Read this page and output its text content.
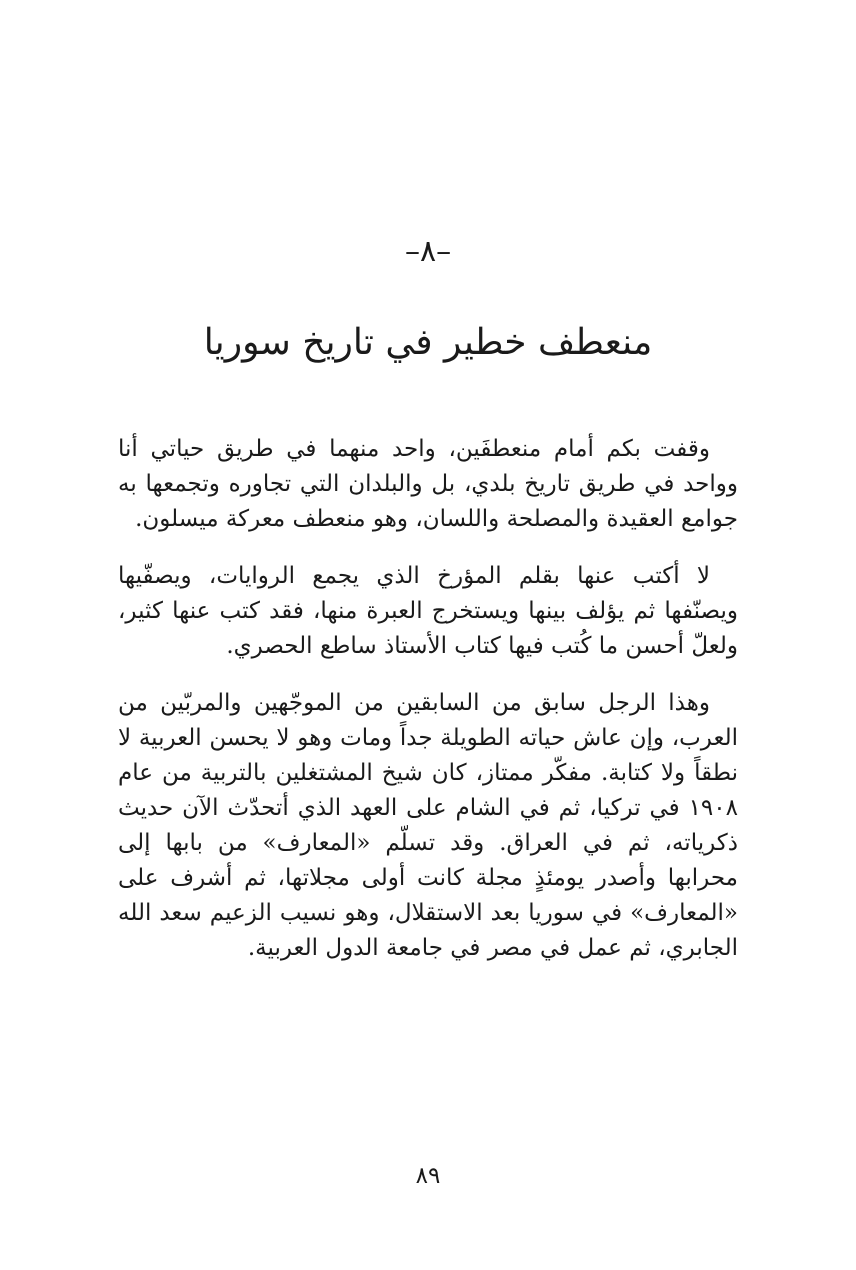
–٨–
منعطف خطير في تاريخ سوريا

وقفت بكم أمام منعطفَين، واحد منهما في طريق حياتي أنا وواحد في طريق تاريخ بلدي، بل والبلدان التي تجاوره وتجمعها به جوامع العقيدة والمصلحة واللسان، وهو منعطف معركة ميسلون.

لا أكتب عنها بقلم المؤرخ الذي يجمع الروايات، ويصفّيها ويصنّفها ثم يؤلف بينها ويستخرج العبرة منها، فقد كتب عنها كثير، ولعلّ أحسن ما كُتب فيها كتاب الأستاذ ساطع الحصري.

وهذا الرجل سابق من السابقين من الموجّهين والمربّين من العرب، وإن عاش حياته الطويلة جداً ومات وهو لا يحسن العربية لا نطقاً ولا كتابة. مفكّر ممتاز، كان شيخ المشتغلين بالتربية من عام ١٩٠٨ في تركيا، ثم في الشام على العهد الذي أتحدّث الآن حديث ذكرياته، ثم في العراق. وقد تسلّم «المعارف» من بابها إلى محرابها وأصدر يومئذٍ مجلة كانت أولى مجلاتها، ثم أشرف على «المعارف» في سوريا بعد الاستقلال، وهو نسيب الزعيم سعد الله الجابري، ثم عمل في مصر في جامعة الدول العربية.

٨٩
